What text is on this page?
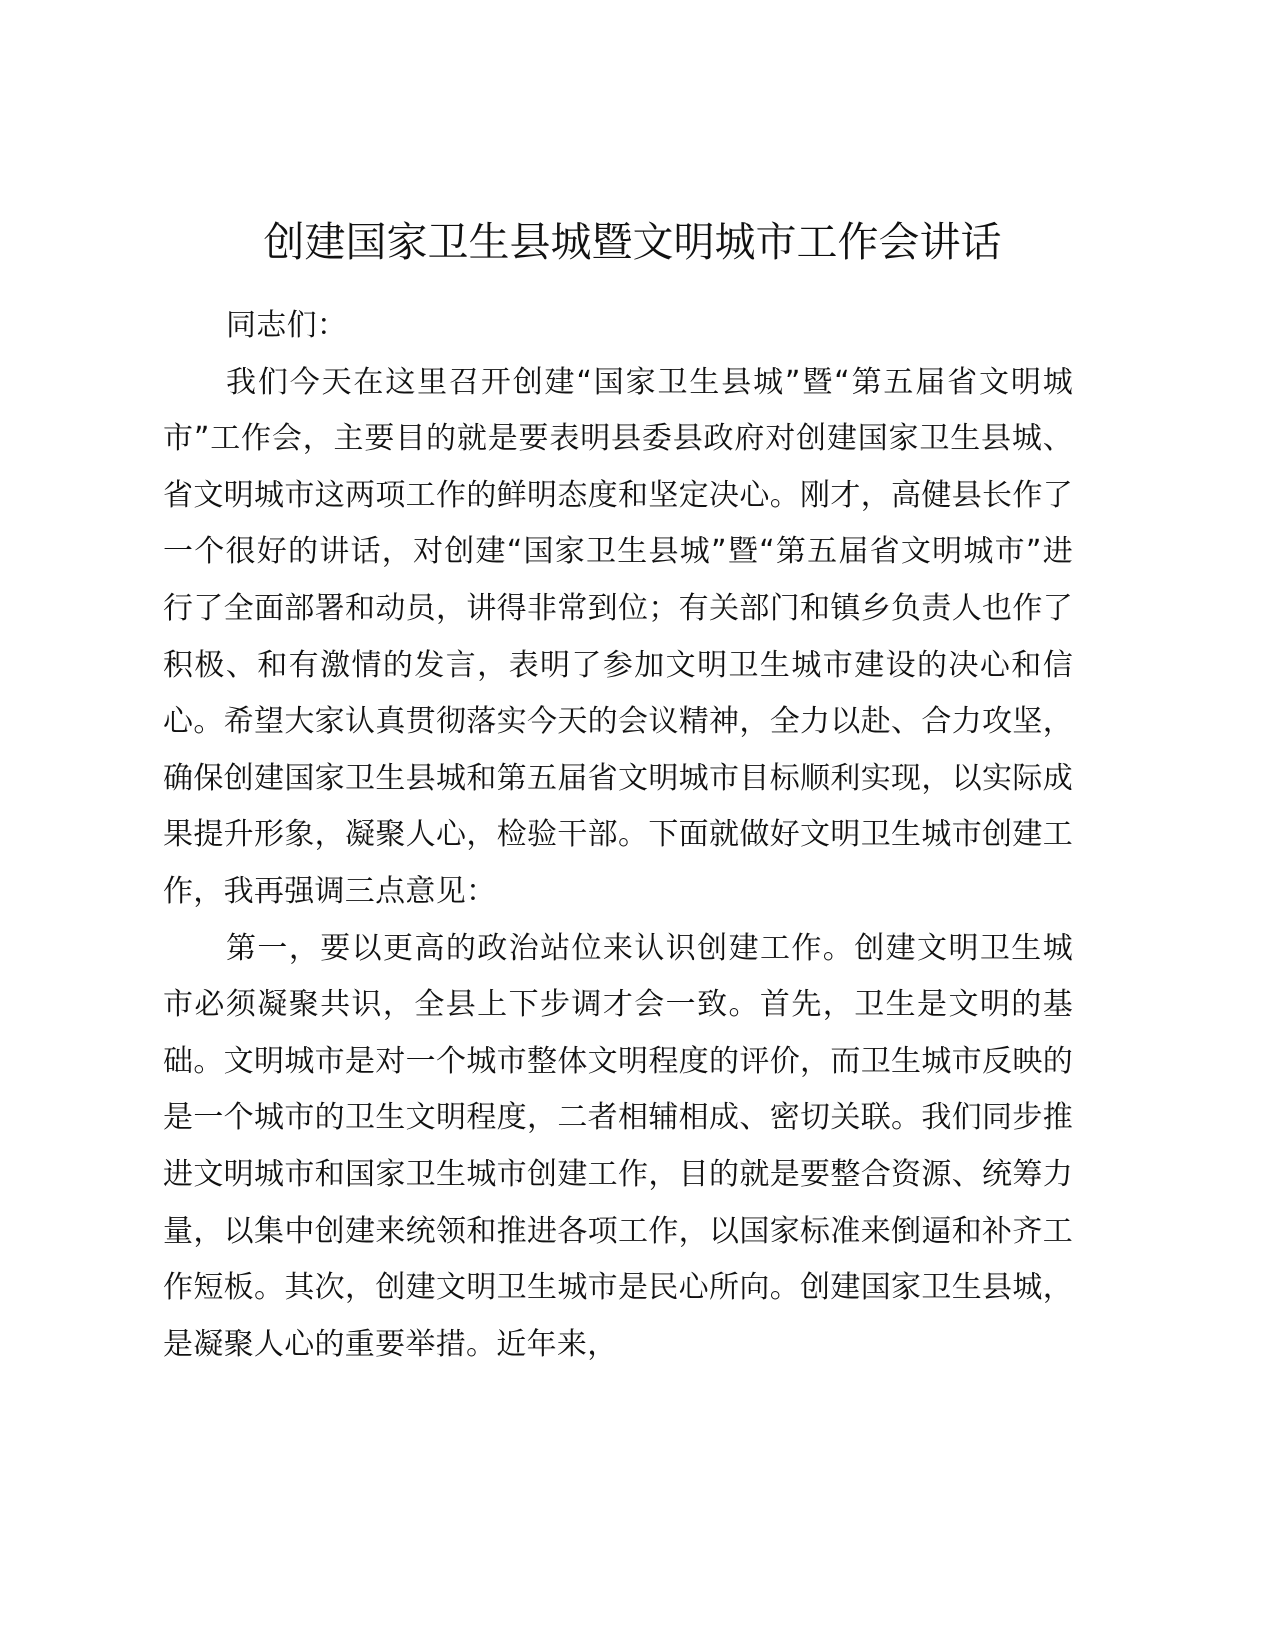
创建国家卫生县城暨文明城市工作会讲话

同志们：

我们今天在这里召开创建“国家卫生县城”暨“第五届省文明城市”工作会，主要目的就是要表明县委县政府对创建国家卫生县城、省文明城市这两项工作的鲜明态度和坚定决心。刚才，高健县长作了一个很好的讲话，对创建“国家卫生县城”暨“第五届省文明城市”进行了全面部署和动员，讲得非常到位；有关部门和镇乡负责人也作了积极、和有激情的发言，表明了参加文明卫生城市建设的决心和信心。希望大家认真贯彻落实今天的会议精神，全力以赴、合力攻坚，确保创建国家卫生县城和第五届省文明城市目标顺利实现，以实际成果提升形象，凝聚人心，检验干部。下面就做好文明卫生城市创建工作，我再强调三点意见：

第一，要以更高的政治站位来认识创建工作。创建文明卫生城市必须凝聚共识，全县上下步调才会一致。首先，卫生是文明的基础。文明城市是对一个城市整体文明程度的评价，而卫生城市反映的是一个城市的卫生文明程度，二者相辅相成、密切关联。我们同步推进文明城市和国家卫生城市创建工作，目的就是要整合资源、统筹力量，以集中创建来统领和推进各项工作，以国家标准来倒逼和补齐工作短板。其次，创建文明卫生城市是民心所向。创建国家卫生县城，是凝聚人心的重要举措。近年来，
